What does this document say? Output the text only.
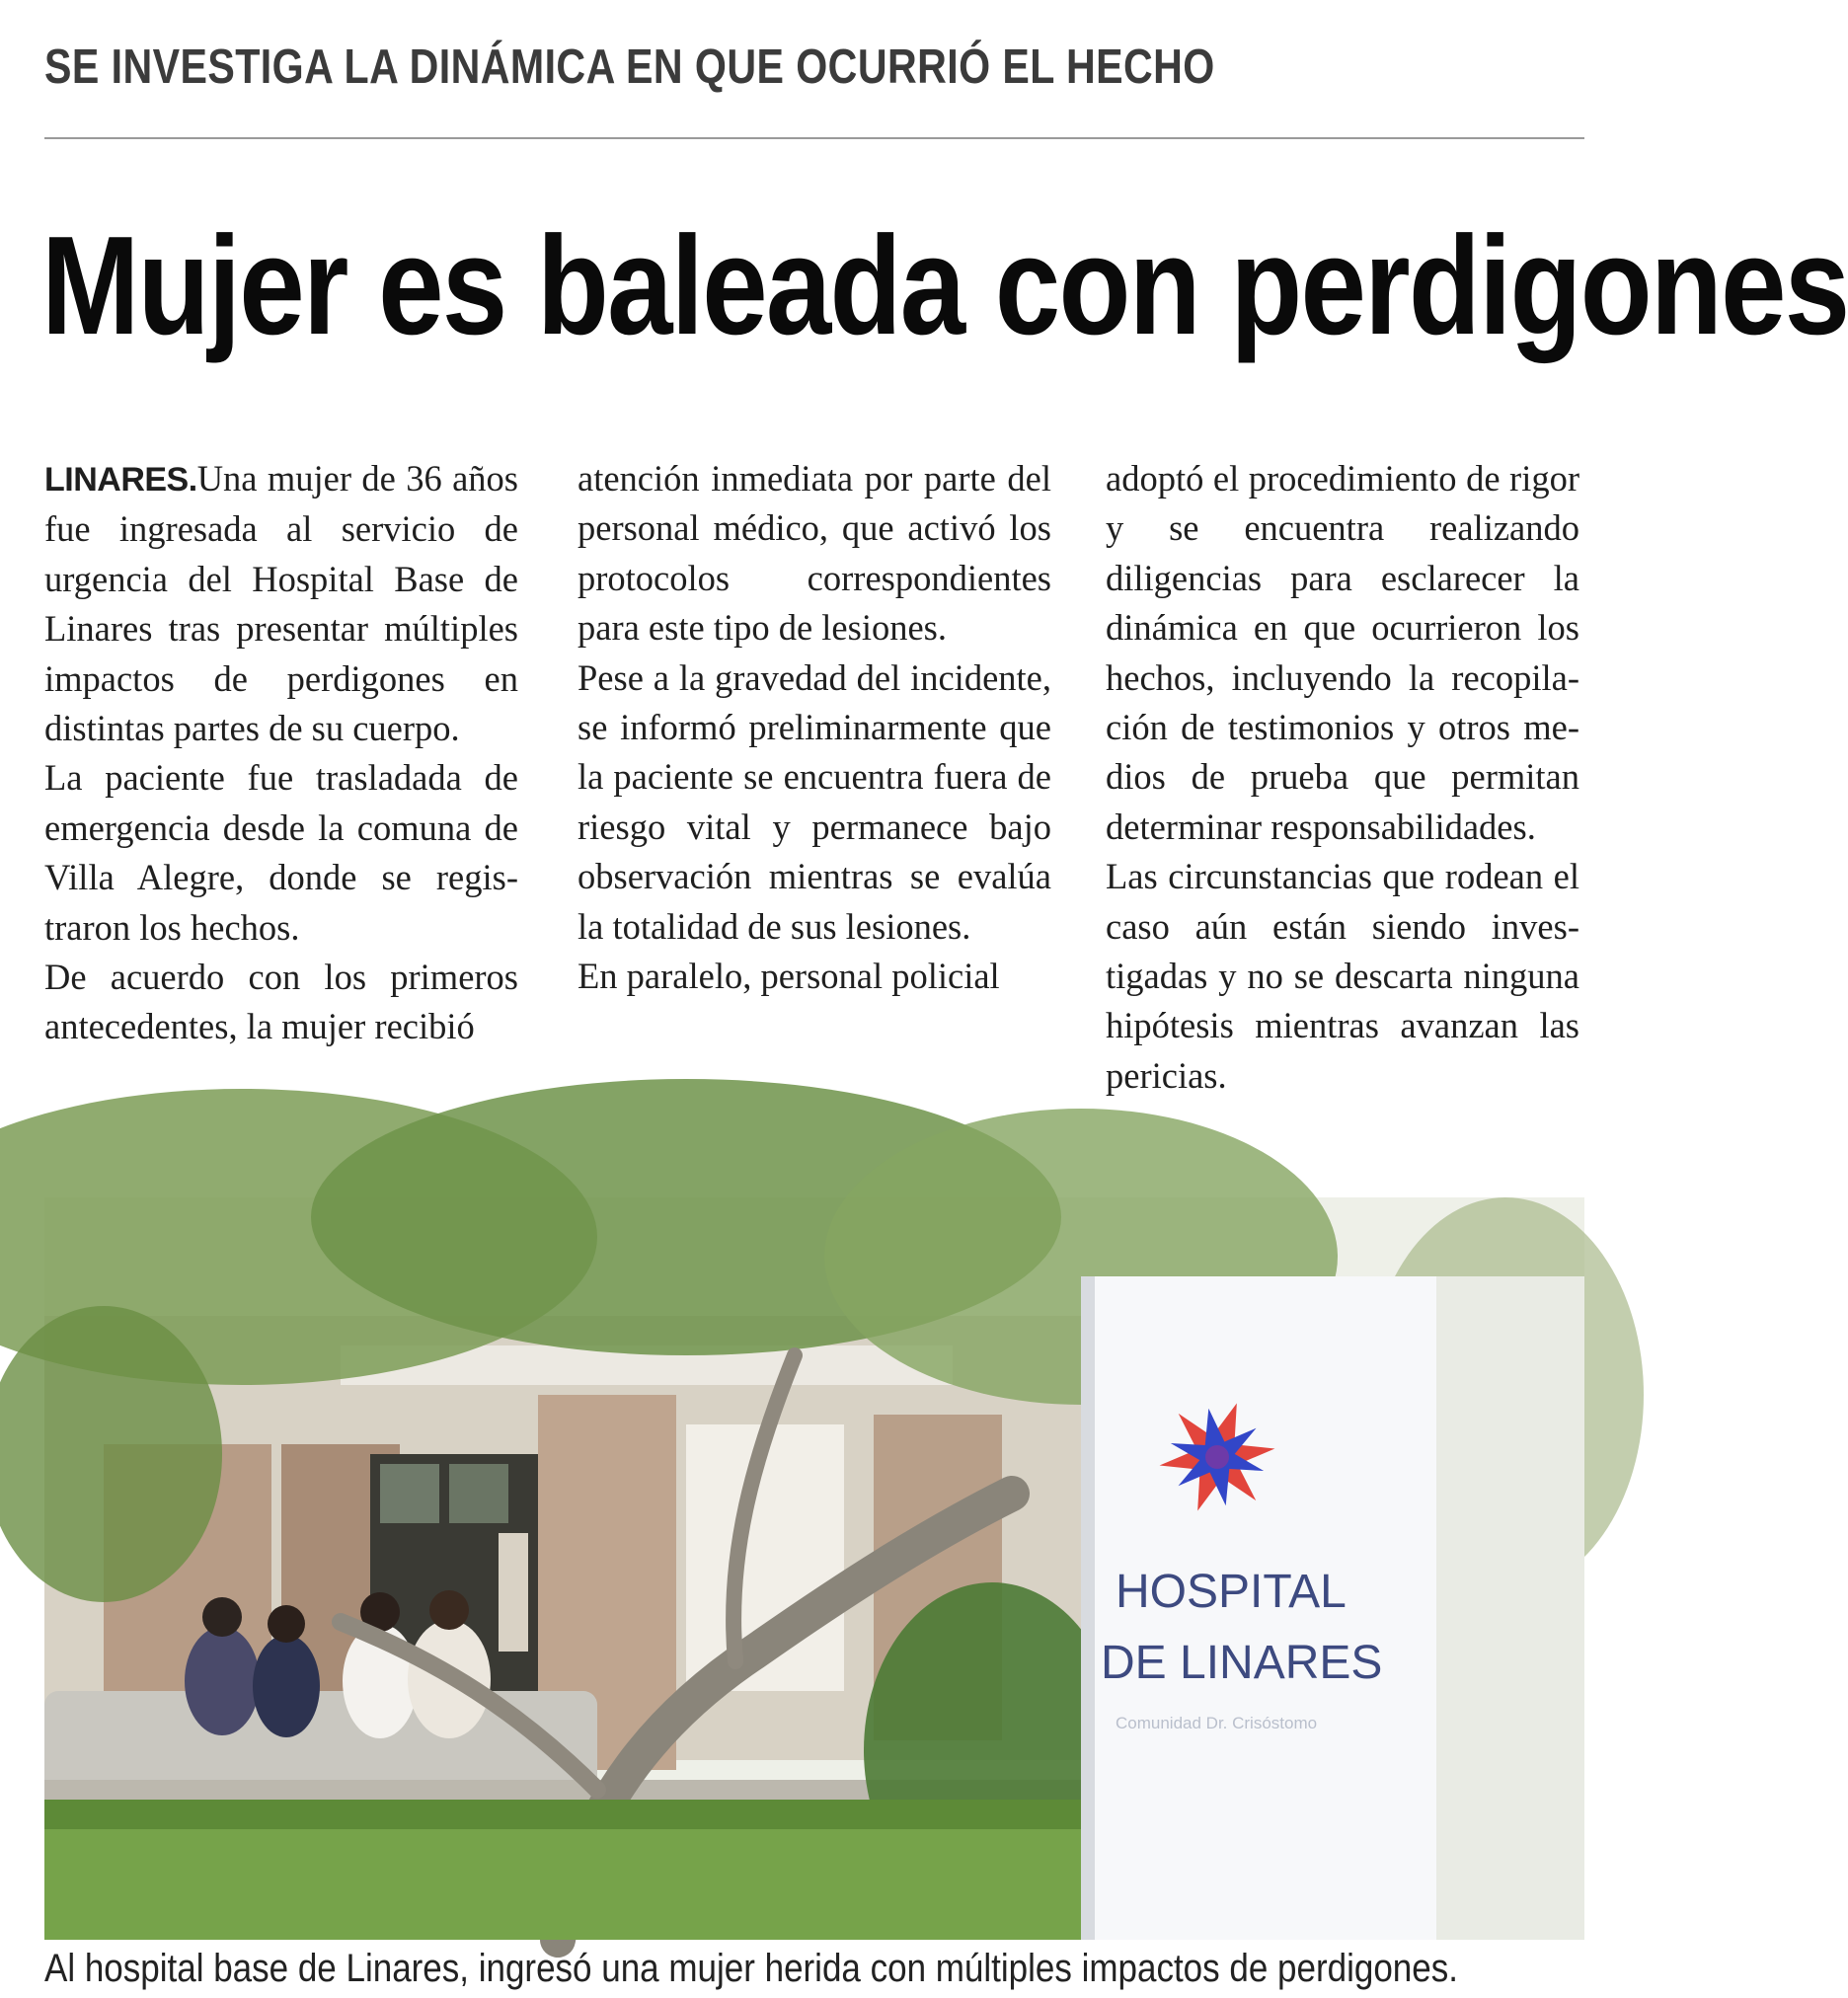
SE INVESTIGA LA DINÁMICA EN QUE OCURRIÓ EL HECHO
Mujer es baleada con perdigones

LINARES.Una mujer de 36 años fue ingresada al servicio de urgencia del Hospital Base de Linares tras presentar múltiples impactos de perdigones en distintas partes de su cuerpo.

La paciente fue trasladada de emergencia desde la comuna de Villa Alegre, donde se registraron los hechos.

De acuerdo con los primeros antecedentes, la mujer recibió

atención inmediata por parte del personal médico, que activó los protocolos correspondientes para este tipo de lesiones.

Pese a la gravedad del incidente, se informó preliminarmente que la paciente se encuentra fuera de riesgo vital y permanece bajo observación mientras se evalúa la totalidad de sus lesiones.

En paralelo, personal policial

adoptó el procedimiento de rigor y se encuentra realizando diligencias para esclarecer la dinámica en que ocurrieron los hechos, incluyendo la recopilación de testimonios y otros medios de prueba que permitan determinar responsabilidades.

Las circunstancias que rodean el caso aún están siendo investigadas y no se descarta ninguna hipótesis mientras avanzan las pericias.

HOSPITAL
DE LINARES
Comunidad Dr. Crisóstomo
Al hospital base de Linares, ingresó una mujer herida con múltiples impactos de perdigones.
